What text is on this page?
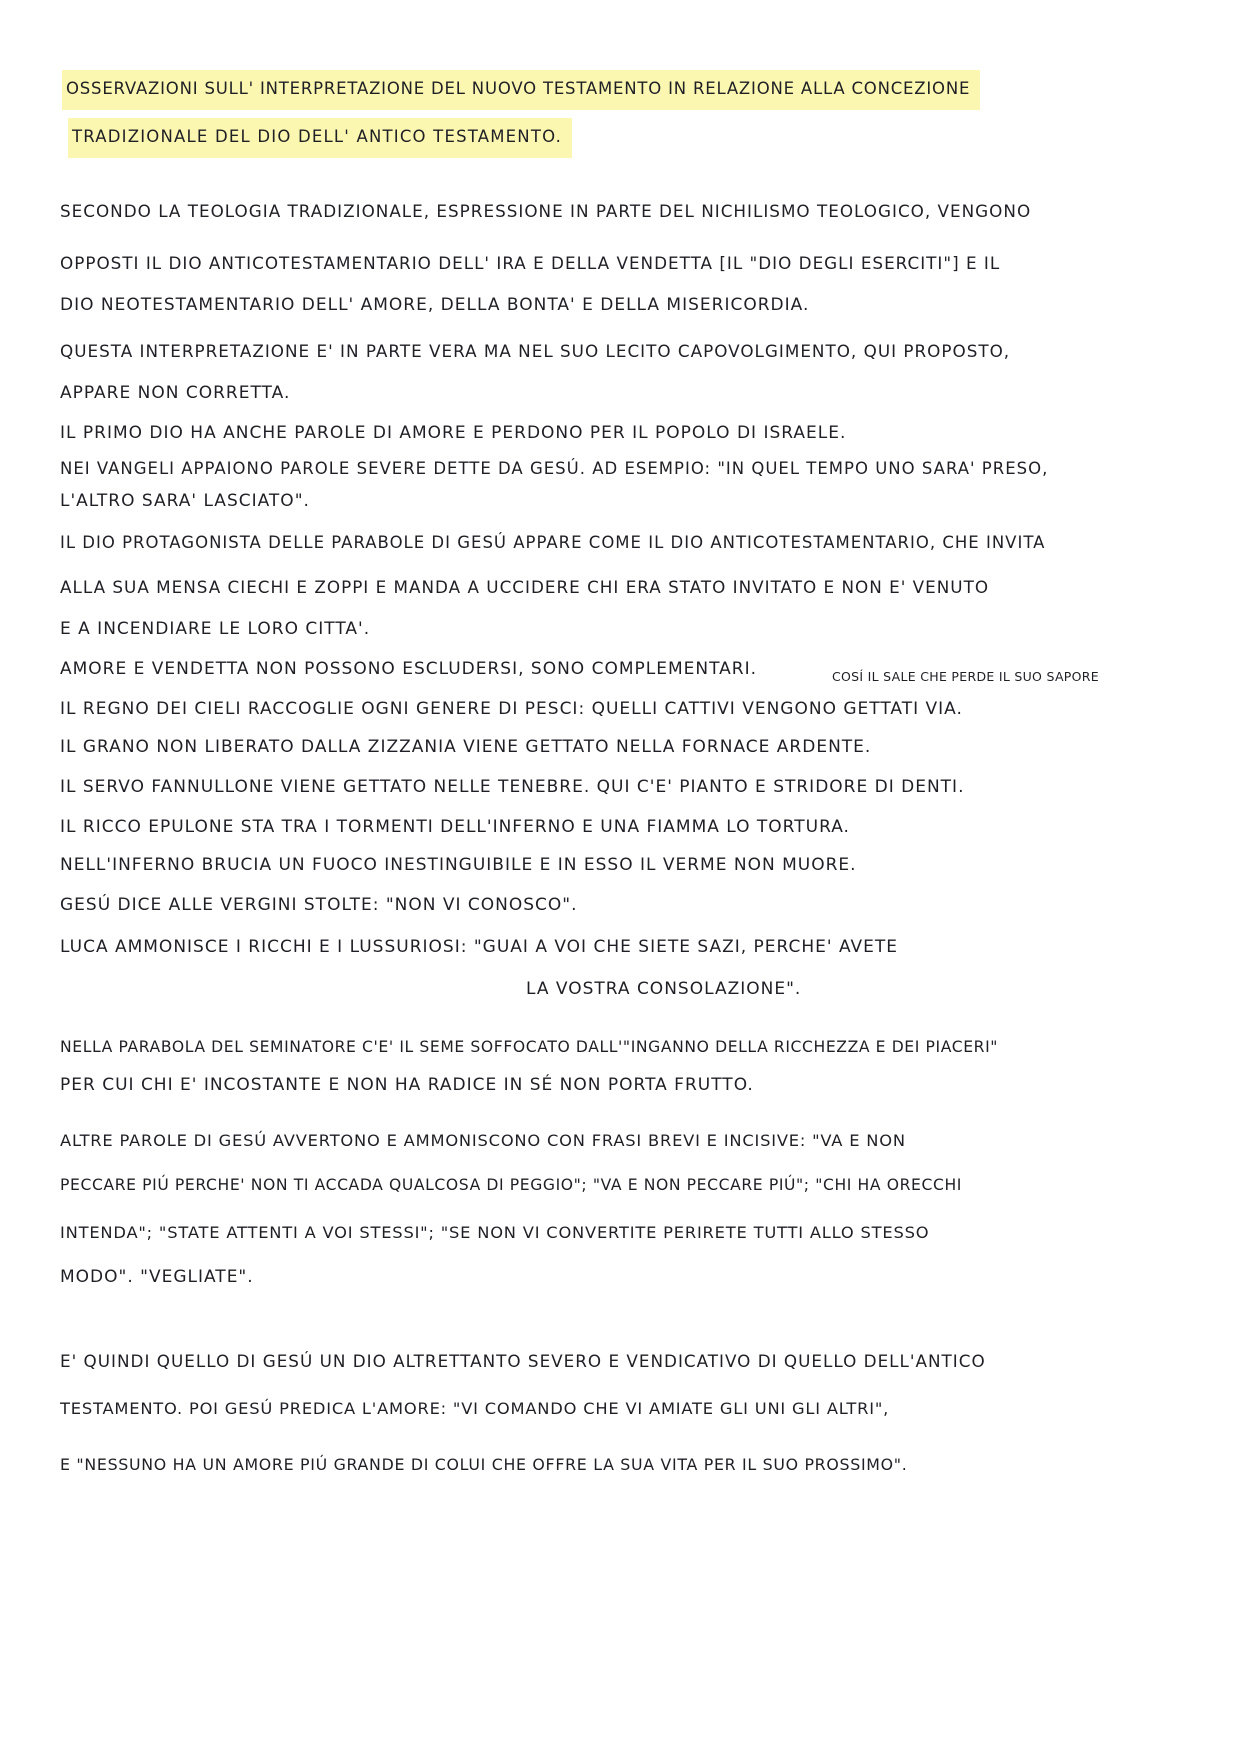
OSSERVAZIONI SULL' INTERPRETAZIONE DEL NUOVO TESTAMENTO IN RELAZIONE ALLA CONCEZIONE
TRADIZIONALE DEL DIO DELL' ANTICO TESTAMENTO.
SECONDO LA TEOLOGIA TRADIZIONALE, ESPRESSIONE IN PARTE DEL NICHILISMO TEOLOGICO, VENGONO
OPPOSTI IL DIO ANTICOTESTAMENTARIO DELL' IRA E DELLA VENDETTA [IL "DIO DEGLI ESERCITI"] E IL
DIO NEOTESTAMENTARIO DELL' AMORE, DELLA BONTA' E DELLA MISERICORDIA.
QUESTA INTERPRETAZIONE E' IN PARTE VERA MA NEL SUO LECITO CAPOVOLGIMENTO, QUI PROPOSTO,
APPARE NON CORRETTA.
IL PRIMO DIO HA ANCHE PAROLE DI AMORE E PERDONO PER IL POPOLO DI ISRAELE.
NEI VANGELI APPAIONO PAROLE SEVERE DETTE DA GESÚ. AD ESEMPIO: "IN QUEL TEMPO UNO SARA' PRESO,
L'ALTRO SARA' LASCIATO".
IL DIO PROTAGONISTA DELLE PARABOLE DI GESÚ APPARE COME IL DIO ANTICOTESTAMENTARIO, CHE INVITA
ALLA SUA MENSA CIECHI E ZOPPI E MANDA A UCCIDERE CHI ERA STATO INVITATO E NON E' VENUTO
E A INCENDIARE LE LORO CITTA'.
AMORE E VENDETTA NON POSSONO ESCLUDERSI, SONO COMPLEMENTARI.	COSÍ IL SALE CHE PERDE IL SUO SAPORE
IL REGNO DEI CIELI RACCOGLIE OGNI GENERE DI PESCI: QUELLI CATTIVI VENGONO GETTATI VIA.
IL GRANO NON LIBERATO DALLA ZIZZANIA VIENE GETTATO NELLA FORNACE ARDENTE.
IL SERVO FANNULLONE VIENE GETTATO NELLE TENEBRE. QUI C'E' PIANTO E STRIDORE DI DENTI.
IL RICCO EPULONE STA TRA I TORMENTI DELL'INFERNO E UNA FIAMMA LO TORTURA.
NELL'INFERNO BRUCIA UN FUOCO INESTINGUIBILE E IN ESSO IL VERME NON MUORE.
GESÚ DICE ALLE VERGINI STOLTE: "NON VI CONOSCO".
LUCA AMMONISCE I RICCHI E I LUSSURIOSI: "GUAI A VOI CHE SIETE SAZI, PERCHE' AVETE
LA VOSTRA CONSOLAZIONE".
NELLA PARABOLA DEL SEMINATORE C'E' IL SEME SOFFOCATO DALL'"INGANNO DELLA RICCHEZZA E DEI PIACERI"
PER CUI CHI E' INCOSTANTE E NON HA RADICE IN SÉ NON PORTA FRUTTO.
ALTRE PAROLE DI GESÚ AVVERTONO E AMMONISCONO CON FRASI BREVI E INCISIVE: "VA E NON
PECCARE PIÚ PERCHE' NON TI ACCADA QUALCOSA DI PEGGIO"; "VA E NON PECCARE PIÚ"; "CHI HA ORECCHI
INTENDA"; "STATE ATTENTI A VOI STESSI"; "SE NON VI CONVERTITE PERIRETE TUTTI ALLO STESSO
MODO". "VEGLIATE".
E' QUINDI QUELLO DI GESÚ UN DIO ALTRETTANTO SEVERO E VENDICATIVO DI QUELLO DELL'ANTICO
TESTAMENTO. POI GESÚ PREDICA L'AMORE: "VI COMANDO CHE VI AMIATE GLI UNI GLI ALTRI",
E "NESSUNO HA UN AMORE PIÚ GRANDE DI COLUI CHE OFFRE LA SUA VITA PER IL SUO PROSSIMO".
